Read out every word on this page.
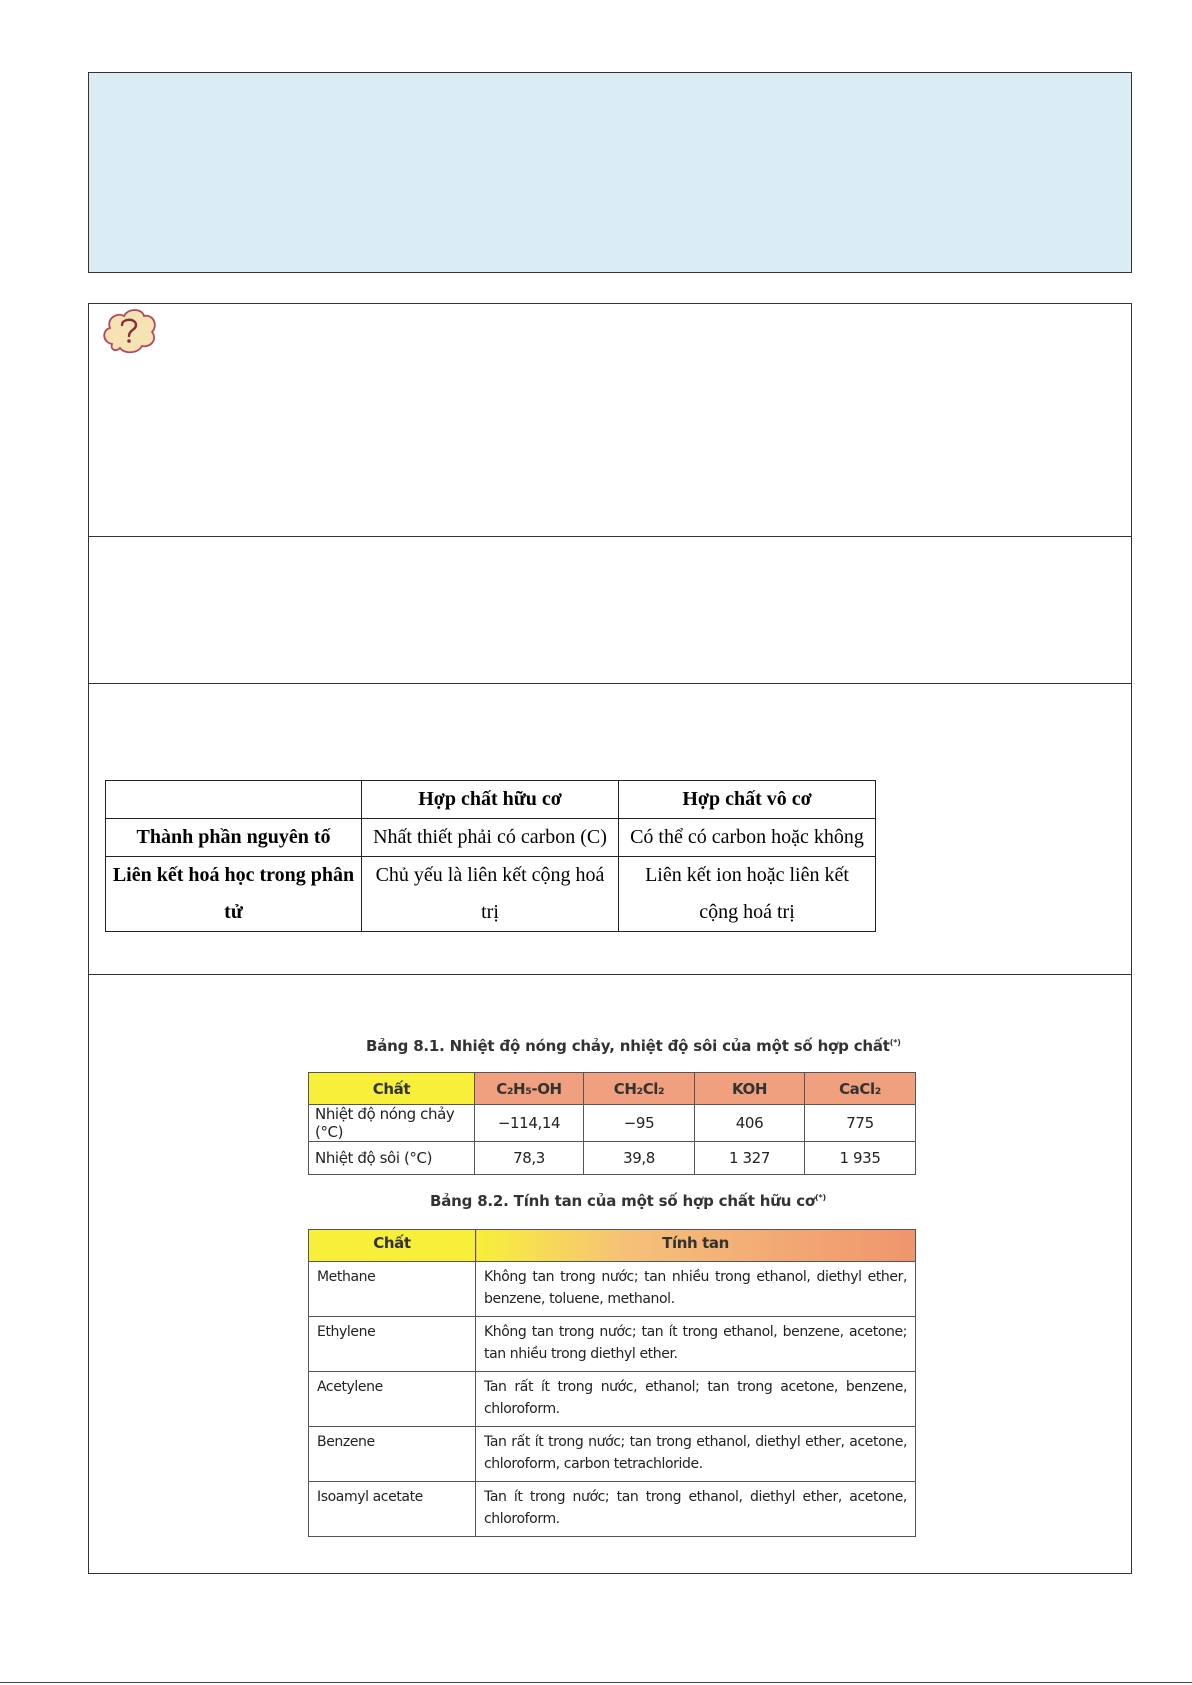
	Hợp chất hữu cơ	Hợp chất vô cơ
Thành phần nguyên tố	Nhất thiết phải có carbon (C)	Có thể có carbon hoặc không
Liên kết hoá học trong phân tử	Chủ yếu là liên kết cộng hoá trị	Liên kết ion hoặc liên kết cộng hoá trị
Bảng 8.1. Nhiệt độ nóng chảy, nhiệt độ sôi của một số hợp chất(*)
Chất	C₂H₅-OH	CH₂Cl₂	KOH	CaCl₂
Nhiệt độ nóng chảy (°C)	−114,14	−95	406	775
Nhiệt độ sôi (°C)	78,3	39,8	1 327	1 935
Bảng 8.2. Tính tan của một số hợp chất hữu cơ(*)
Chất	Tính tan
Methane	Không tan trong nước; tan nhiều trong ethanol, diethyl ether, benzene, toluene, methanol.
Ethylene	Không tan trong nước; tan ít trong ethanol, benzene, acetone; tan nhiều trong diethyl ether.
Acetylene	Tan rất ít trong nước, ethanol; tan trong acetone, benzene, chloroform.
Benzene	Tan rất ít trong nước; tan trong ethanol, diethyl ether, acetone, chloroform, carbon tetrachloride.
Isoamyl acetate	Tan ít trong nước; tan trong ethanol, diethyl ether, acetone, chloroform.
